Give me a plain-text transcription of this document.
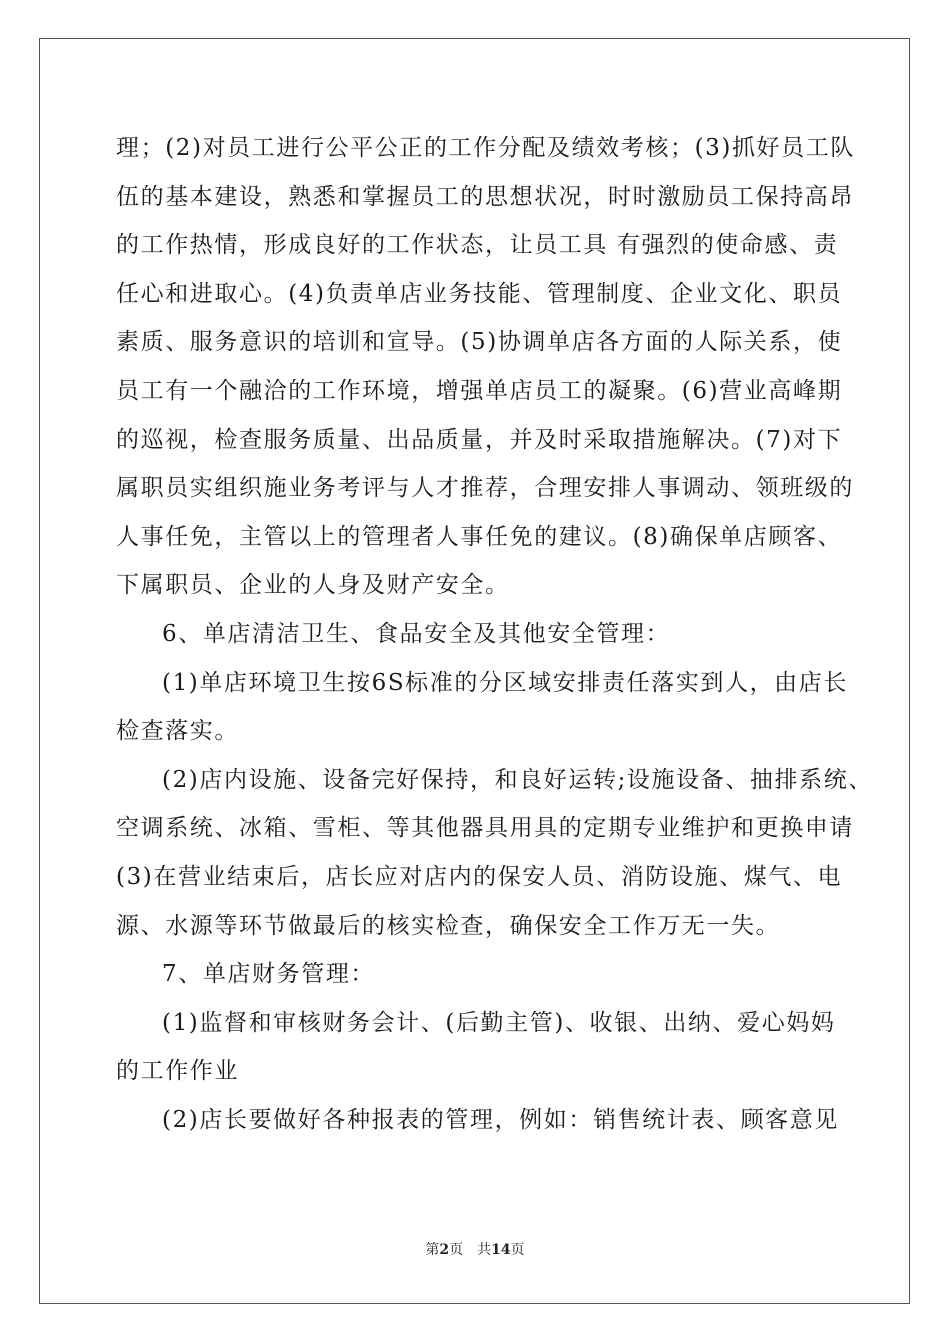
理；(2)对员工进行公平公正的工作分配及绩效考核；(3)抓好员工队
伍的基本建设，熟悉和掌握员工的思想状况，时时激励员工保持高昂
的工作热情，形成良好的工作状态，让员工具 有强烈的使命感、责
任心和进取心。(4)负责单店业务技能、管理制度、企业文化、职员
素质、服务意识的培训和宣导。(5)协调单店各方面的人际关系，使
员工有一个融洽的工作环境，增强单店员工的凝聚。(6)营业高峰期
的巡视，检查服务质量、出品质量，并及时采取措施解决。(7)对下
属职员实组织施业务考评与人才推荐，合理安排人事调动、领班级的
人事任免，主管以上的管理者人事任免的建议。(8)确保单店顾客、
下属职员、企业的人身及财产安全。
6、单店清洁卫生、食品安全及其他安全管理：
(1)单店环境卫生按6S标准的分区域安排责任落实到人，由店长
检查落实。
(2)店内设施、设备完好保持，和良好运转;设施设备、抽排系统、
空调系统、冰箱、雪柜、等其他器具用具的定期专业维护和更换申请
(3)在营业结束后，店长应对店内的保安人员、消防设施、煤气、电
源、水源等环节做最后的核实检查，确保安全工作万无一失。
7、单店财务管理：
(1)监督和审核财务会计、(后勤主管)、收银、出纳、爱心妈妈
的工作作业
(2)店长要做好各种报表的管理，例如：销售统计表、顾客意见
第2页 共14页
